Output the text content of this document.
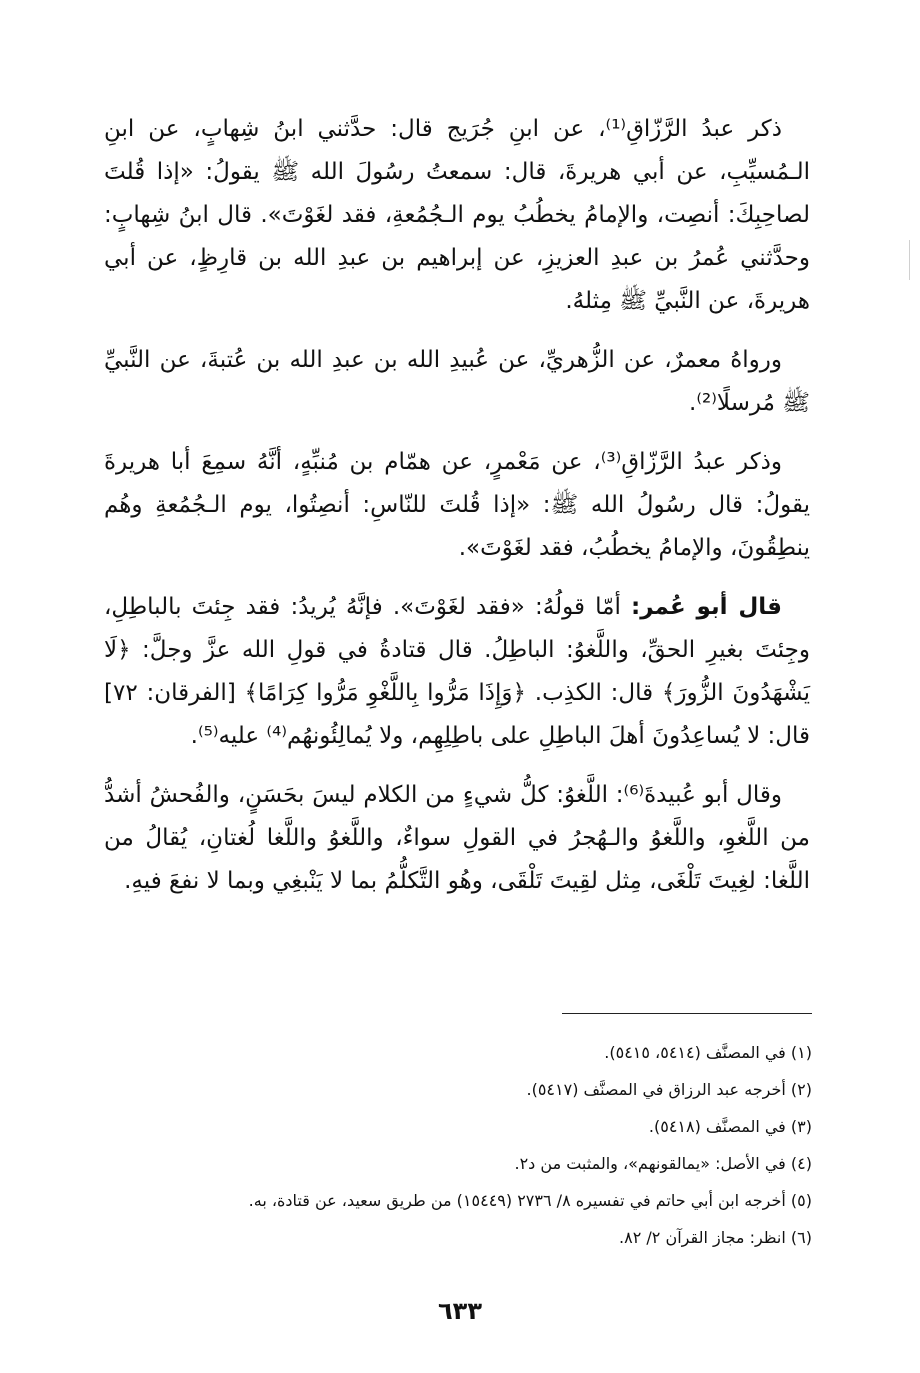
ذكر عبدُ الرَّزّاقِ⁽¹⁾، عن ابنِ جُرَيج قال: حدَّثني ابنُ شِهابٍ، عن ابنِ الـمُسيِّبِ، عن أبي هريرةَ، قال: سمعتُ رسُولَ الله ﷺ يقولُ: «إذا قُلتَ لصاحِبِكَ: أنصِت، والإمامُ يخطُبُ يوم الـجُمُعةِ، فقد لغَوْتَ». قال ابنُ شِهابٍ: وحدَّثني عُمرُ بن عبدِ العزيزِ، عن إبراهيم بن عبدِ الله بن قارِظٍ، عن أبي هريرةَ، عن النَّبيِّ ﷺ مِثلهُ.

ورواهُ معمرٌ، عن الزُّهريِّ، عن عُبيدِ الله بن عبدِ الله بن عُتبةَ، عن النَّبيِّ ﷺ مُرسلًا⁽²⁾.

وذكر عبدُ الرَّزّاقِ⁽³⁾، عن مَعْمرٍ، عن همّام بن مُنبِّهٍ، أنَّهُ سمِعَ أبا هريرةَ يقولُ: قال رسُولُ الله ﷺ: «إذا قُلتَ للنّاسِ: أنصِتُوا، يوم الـجُمُعةِ وهُم ينطِقُونَ، والإمامُ يخطُبُ، فقد لغَوْتَ».

قال أبو عُمر: أمّا قولُهُ: «فقد لغَوْتَ». فإنَّهُ يُريدُ: فقد جِئتَ بالباطِلِ، وجِئتَ بغيرِ الحقِّ، واللَّغوُ: الباطِلُ. قال قتادةُ في قولِ الله عزَّ وجلَّ: ﴿لَا يَشْهَدُونَ الزُّورَ﴾ قال: الكذِب. ﴿وَإِذَا مَرُّوا بِاللَّغْوِ مَرُّوا كِرَامًا﴾ [الفرقان: ٧٢] قال: لا يُساعِدُونَ أهلَ الباطِلِ على باطِلِهِم، ولا يُمالِئُونهُم⁽⁴⁾ عليه⁽⁵⁾.

وقال أبو عُبيدةَ⁽⁶⁾: اللَّغوُ: كلُّ شيءٍ من الكلام ليسَ بحَسَنٍ، والفُحشُ أشدُّ من اللَّغوِ، واللَّغوُ والـهُجرُ في القولِ سواءٌ، واللَّغوُ واللَّغا لُغتانِ، يُقالُ من اللَّغا: لغِيتَ تَلْغَى، مِثل لقِيتَ تَلْقَى، وهُو التَّكلُّمُ بما لا يَنْبغِي وبما لا نفعَ فيهِ.

(١) في المصنَّف (٥٤١٤، ٥٤١٥).

(٢) أخرجه عبد الرزاق في المصنَّف (٥٤١٧).

(٣) في المصنَّف (٥٤١٨).

(٤) في الأصل: «يمالقونهم»، والمثبت من د٢.

(٥) أخرجه ابن أبي حاتم في تفسيره ٨/ ٢٧٣٦ (١٥٤٤٩) من طريق سعيد، عن قتادة، به.

(٦) انظر: مجاز القرآن ٢/ ٨٢.

٦٣٣
